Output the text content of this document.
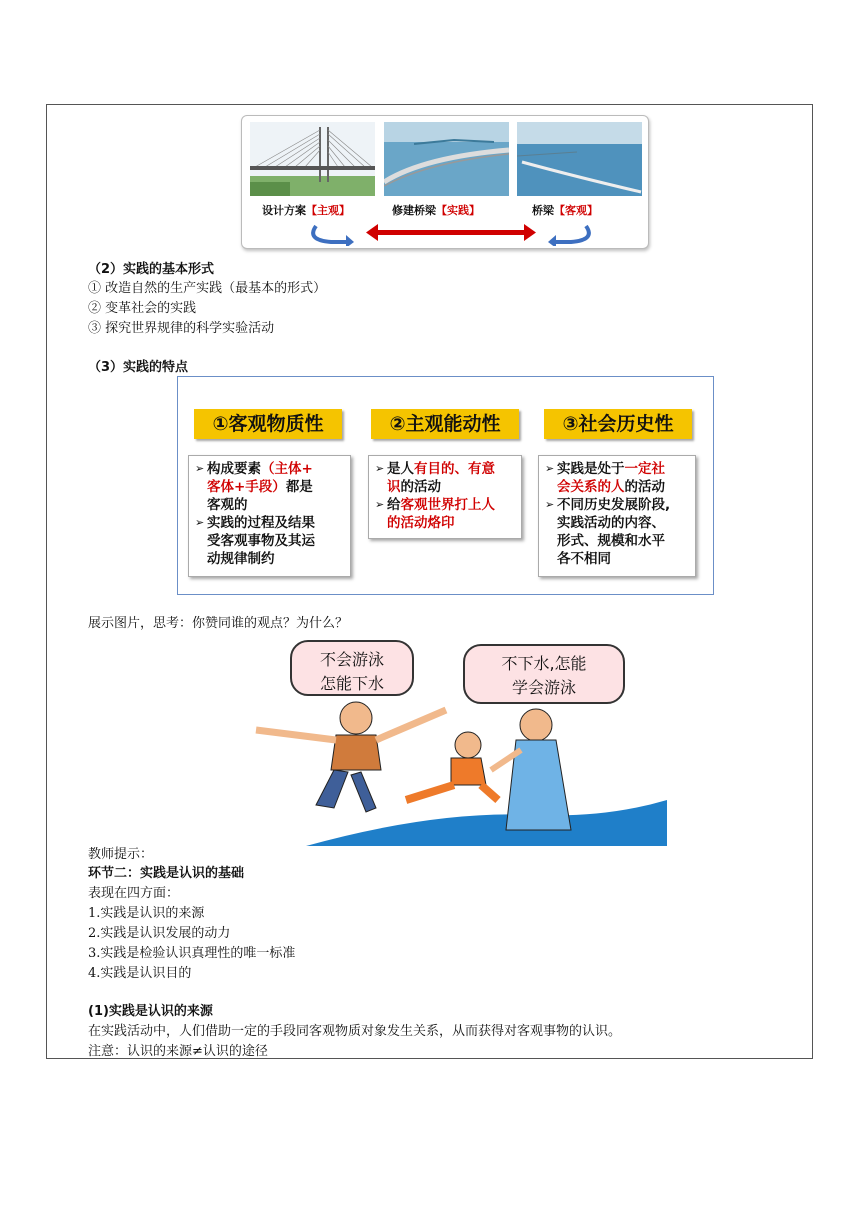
设计方案【主观】	修建桥梁【实践】	桥梁【客观】
（2）实践的基本形式
① 改造自然的生产实践（最基本的形式）
② 变革社会的实践
③ 探究世界规律的科学实验活动
（3）实践的特点
①客观物质性	②主观能动性	③社会历史性
➢ 构成要素（主体+
客体+手段）都是
客观的
➢ 实践的过程及结果
受客观事物及其运
动规律制约
➢ 是人有目的、有意
识的活动
➢ 给客观世界打上人
的活动烙印
➢ 实践是处于一定社
会关系的人的活动
➢ 不同历史发展阶段,
实践活动的内容、
形式、规模和水平
各不相同
展示图片，思考：你赞同谁的观点？为什么？
不会游泳
怎能下水
不下水,怎能
学会游泳
教师提示：
环节二：实践是认识的基础
表现在四方面：
1.实践是认识的来源
2.实践是认识发展的动力
3.实践是检验认识真理性的唯一标准
4.实践是认识目的
(1)实践是认识的来源
在实践活动中，人们借助一定的手段同客观物质对象发生关系，从而获得对客观事物的认识。
注意：认识的来源≠认识的途径
